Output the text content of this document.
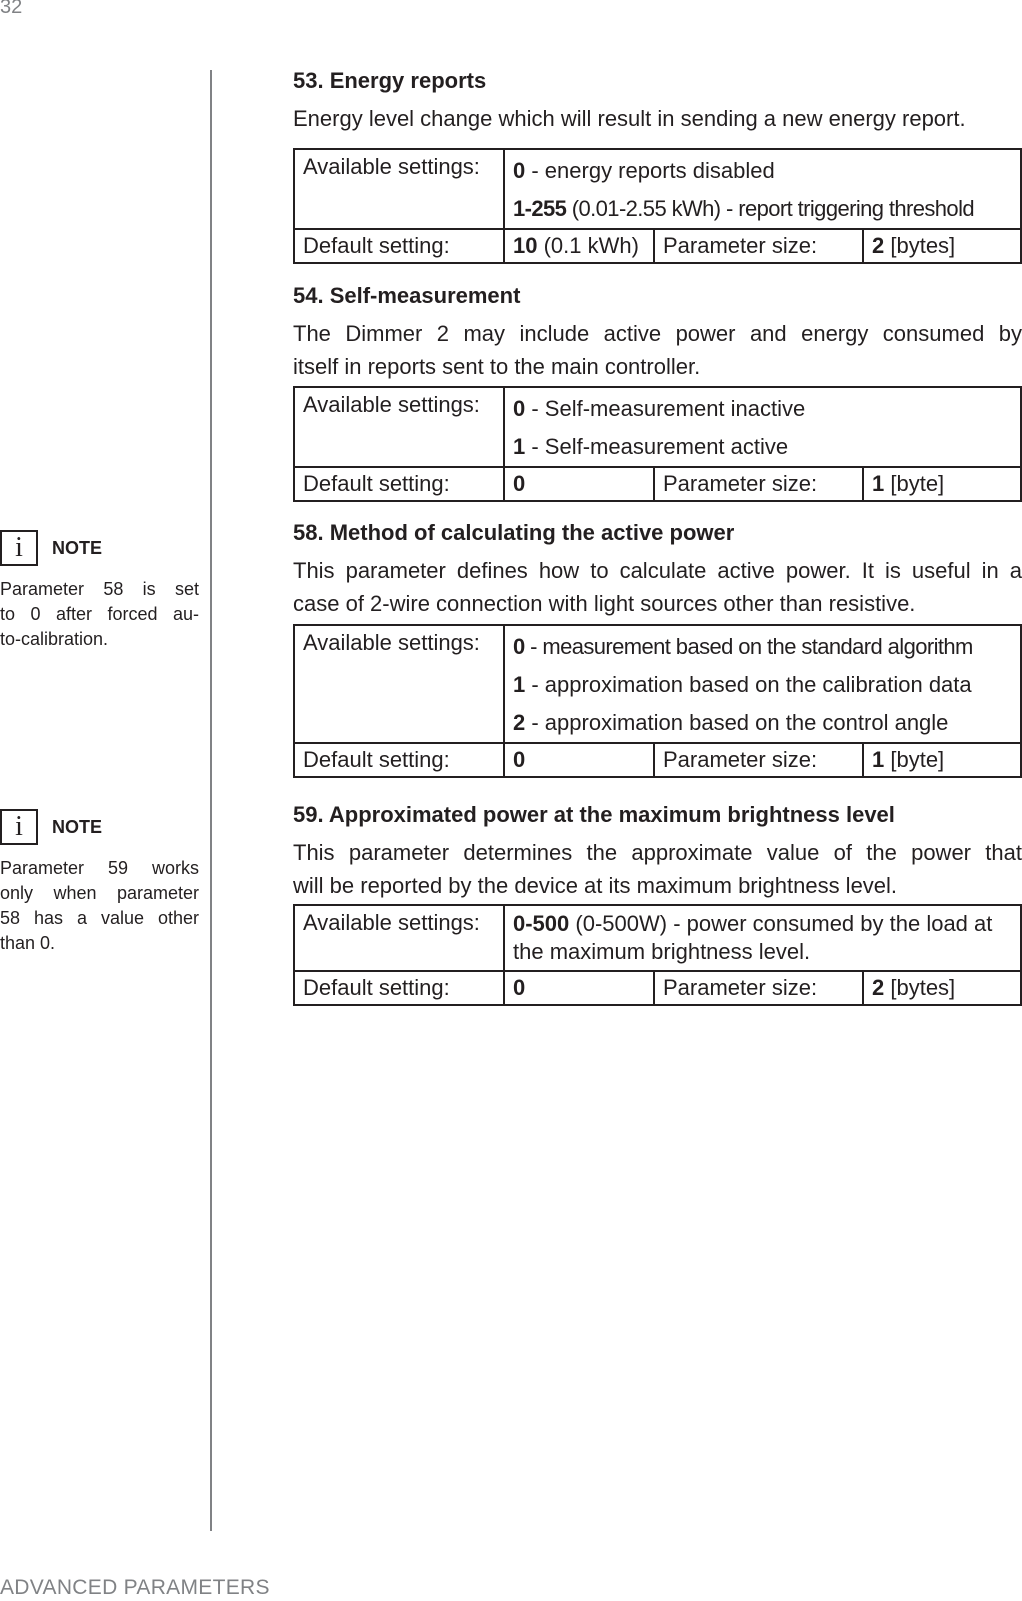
32
i	NOTE
Parameter 58 is set
to 0 after forced au-
to-calibration.
i	NOTE
Parameter 59 works
only when parameter
58 has a value other
than 0.
53. Energy reports

Energy level change which will result in sending a new energy report.

Available settings:	0 - energy reports disabled
1-255 (0.01-2.55 kWh) - report triggering threshold		

Default setting:	10 (0.1 kWh)	Parameter size:	2 [bytes]
54. Self-measurement

The Dimmer 2 may include active power and energy consumed by
itself in reports sent to the main controller.

Available settings:	0 - Self-measurement inactive
1 - Self-measurement active		

Default setting:	0	Parameter size:	1 [byte]
58. Method of calculating the active power

This parameter defines how to calculate active power. It is useful in a
case of 2-wire connection with light sources other than resistive.

Available settings:	0 - measurement based on the standard algorithm
1 - approximation based on the calibration data
2 - approximation based on the control angle		

Default setting:	0	Parameter size:	1 [byte]
59. Approximated power at the maximum brightness level

This parameter determines the approximate value of the power that
will be reported by the device at its maximum brightness level.

Available settings:	0-500 (0-500W) - power consumed by the load at the maximum brightness level.		

Default setting:	0	Parameter size:	2 [bytes]
ADVANCED PARAMETERS
